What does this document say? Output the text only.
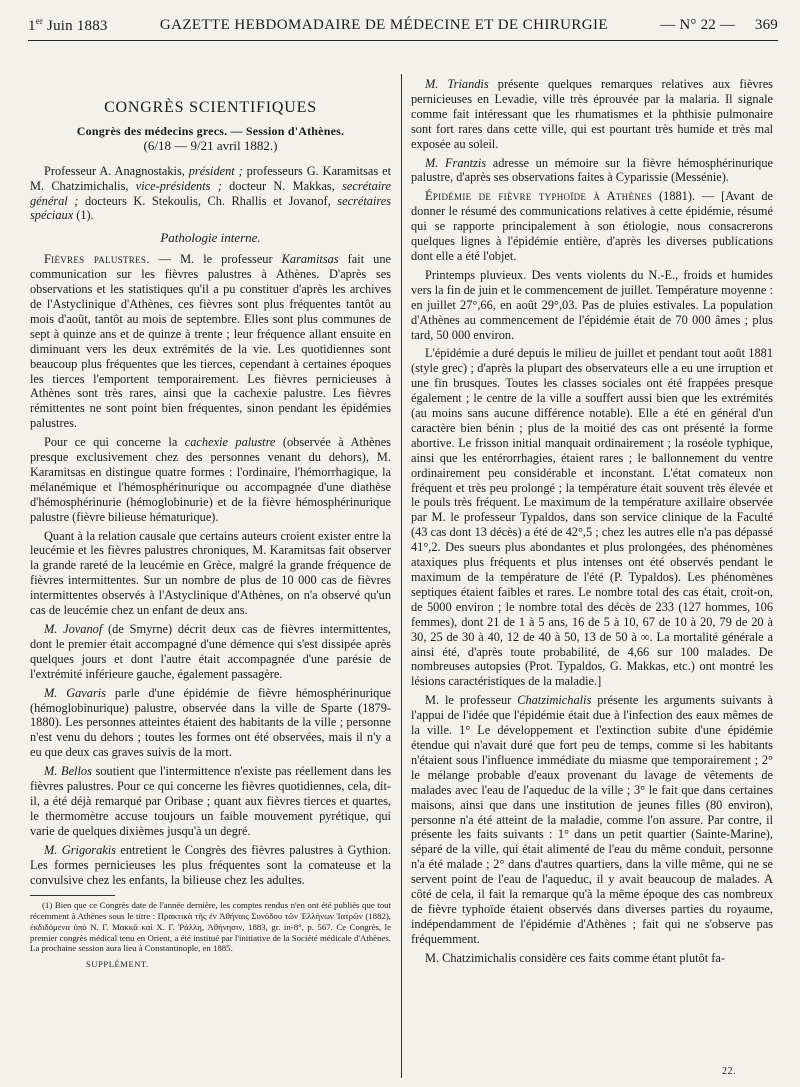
1er Juin 1883	GAZETTE HEBDOMADAIRE DE MÉDECINE ET DE CHIRURGIE	— N° 22 — 369
CONGRÈS SCIENTIFIQUES
Congrès des médecins grecs. — Session d'Athènes.
(6/18 — 9/21 avril 1882.)

Professeur A. Anagnostakis, président ; professeurs G. Karamitsas et M. Chatzimichalis, vice-présidents ; docteur N. Makkas, secrétaire général ; docteurs K. Stekoulis, Ch. Rhallis et Jovanof, secrétaires spéciaux (1).

Pathologie interne.

Fièvres palustres. — M. le professeur Karamitsas fait une communication sur les fièvres palustres à Athènes. D'après ses observations et les statistiques qu'il a pu constituer d'après les archives de l'Astyclinique d'Athènes, ces fièvres sont plus fréquentes tantôt au mois d'août, tantôt au mois de septembre. Elles sont plus communes de sept à quinze ans et de quinze à trente ; leur fréquence allant ensuite en diminuant vers les deux extrémités de la vie. Les quotidiennes sont beaucoup plus fréquentes que les tierces, cependant à certaines époques les tierces l'emportent temporairement. Les fièvres pernicieuses à Athènes sont très rares, ainsi que la cachexie palustre. Les fièvres rémittentes ne sont point bien fréquentes, sinon pendant les épidémies palustres.

Pour ce qui concerne la cachexie palustre (observée à Athènes presque exclusivement chez des personnes venant du dehors), M. Karamitsas en distingue quatre formes : l'ordinaire, l'hémorrhagique, la mélanémique et l'hémosphérinurique ou accompagnée d'une diathèse d'hémosphérinurie (hémoglobinurie) et de la fièvre hémosphérinurique palustre (fièvre bilieuse hématurique).

Quant à la relation causale que certains auteurs croient exister entre la leucémie et les fièvres palustres chroniques, M. Karamitsas fait observer la grande rareté de la leucémie en Grèce, malgré la grande fréquence de fièvres intermittentes. Sur un nombre de plus de 10 000 cas de fièvres intermittentes observés à l'Astyclinique d'Athènes, on n'a observé qu'un cas de leucémie chez un enfant de deux ans.

M. Jovanof (de Smyrne) décrit deux cas de fièvres intermittentes, dont le premier était accompagné d'une démence qui s'est dissipée après quelques jours et dont l'autre était accompagnée d'une parésie de l'extrémité inférieure gauche, également passagère.

M. Gavaris parle d'une épidémie de fièvre hémosphérinurique (hémoglobinurique) palustre, observée dans la ville de Sparte (1879-1880). Les personnes atteintes étaient des habitants de la ville ; personne n'est venu du dehors ; toutes les formes ont été observées, mais il n'y a eu que deux cas graves suivis de la mort.

M. Bellos soutient que l'intermittence n'existe pas réellement dans les fièvres palustres. Pour ce qui concerne les fièvres quotidiennes, cela, dit-il, a été déjà remarqué par Oribase ; quant aux fièvres tierces et quartes, le thermomètre accuse toujours un faible mouvement pyrétique, qui varie de quelques dixièmes jusqu'à un degré.

M. Grigorakis entretient le Congrès des fièvres palustres à Gythion. Les formes pernicieuses les plus fréquentes sont la comateuse et la convulsive chez les enfants, la bilieuse chez les adultes.

(1) Bien que ce Congrès date de l'année dernière, les comptes rendus n'en ont été publiés que tout récemment à Athènes sous le titre : Πρακτικὰ τῆς ἐν Ἀθήναις Συνόδου τῶν Ἑλλήνων Ἰατρῶν (1882), ἐκδιδόμενα ὑπὸ Ν. Γ. Μακκᾶ καὶ Χ. Γ. Ῥάλλη, Ἀθήνησιν, 1883, gr. in-8°, p. 567. Ce Congrès, le premier congrès médical tenu en Orient, a été institué par l'initiative de la Société médicale d'Athènes. La prochaine session aura lieu à Constantinople, en 1885.

SUPPLÉMENT.

M. Triandis présente quelques remarques relatives aux fièvres pernicieuses en Levadie, ville très éprouvée par la malaria. Il signale comme fait intéressant que les rhumatismes et la phthisie pulmonaire sont fort rares dans cette ville, qui est pourtant très humide et très mal exposée au soleil.

M. Frantzis adresse un mémoire sur la fièvre hémosphérinurique palustre, d'après ses observations faites à Cyparissie (Messénie).

Épidémie de fièvre typhoïde à Athènes (1881). — [Avant de donner le résumé des communications relatives à cette épidémie, résumé qui se rapporte principalement à son étiologie, nous consacrerons quelques lignes à l'épidémie entière, d'après les diverses publications dont elle a été l'objet.

Printemps pluvieux. Des vents violents du N.-E., froids et humides vers la fin de juin et le commencement de juillet. Température moyenne : en juillet 27°,66, en août 29°,03. Pas de pluies estivales. La population d'Athènes au commencement de l'épidémie était de 70 000 âmes ; plus tard, 50 000 environ.

L'épidémie a duré depuis le milieu de juillet et pendant tout août 1881 (style grec) ; d'après la plupart des observateurs elle a eu une irruption et une fin brusques. Toutes les classes sociales ont été frappées presque également ; le centre de la ville a souffert aussi bien que les extrémités (au moins sans aucune différence notable). Elle a été en général d'un caractère bien bénin ; plus de la moitié des cas ont présenté la forme abortive. Le frisson initial manquait ordinairement ; la roséole typhique, ainsi que les entérorrhagies, étaient rares ; le ballonnement du ventre ordinairement peu considérable et inconstant. L'état comateux non fréquent et très peu prolongé ; la température était souvent très élevée et le pouls très fréquent. Le maximum de la température axillaire observée par M. le professeur Typaldos, dans son service clinique de la Faculté (43 cas dont 13 décès) a été de 42°,5 ; chez les autres elle n'a pas dépassé 41°,2. Des sueurs plus abondantes et plus prolongées, des phénomènes ataxiques plus fréquents et plus intenses ont été observés pendant le maximum de la température de l'été (P. Typaldos). Les phénomènes septiques étaient faibles et rares. Le nombre total des cas était, croit-on, de 5000 environ ; le nombre total des décès de 233 (127 hommes, 106 femmes), dont 21 de 1 à 5 ans, 16 de 5 à 10, 67 de 10 à 20, 79 de 20 à 30, 25 de 30 à 40, 12 de 40 à 50, 13 de 50 à ∞. La mortalité générale a ainsi été, d'après toute probabilité, de 4,66 sur 100 malades. De nombreuses autopsies (Prot. Typaldos, G. Makkas, etc.) ont montré les lésions caractéristiques de la maladie.]

M. le professeur Chatzimichalis présente les arguments suivants à l'appui de l'idée que l'épidémie était due à l'infection des eaux mêmes de la ville. 1° Le développement et l'extinction subite d'une épidémie étendue qui n'avait duré que fort peu de temps, comme si les habitants n'étaient sous l'influence immédiate du miasme que temporairement ; 2° le mélange probable d'eaux provenant du lavage de vêtements de malades avec l'eau de l'aqueduc de la ville ; 3° le fait que dans certaines maisons, ainsi que dans une institution de jeunes filles (80 environ), personne n'a été atteint de la maladie, comme l'on assure. Par contre, il présente les faits suivants : 1° dans un petit quartier (Sainte-Marine), séparé de la ville, qui était alimenté de l'eau du même conduit, personne n'a été malade ; 2° dans d'autres quartiers, dans la ville même, qui ne se servent point de l'eau de l'aqueduc, il y avait beaucoup de malades. A côté de cela, il fait la remarque qu'à la même époque des cas nombreux de fièvre typhoïde étaient observés dans diverses parties du royaume, indépendamment de l'épidémie d'Athènes ; fait qui ne s'observe pas fréquemment.

M. Chatzimichalis considère ces faits comme étant plutôt fa-

22.
